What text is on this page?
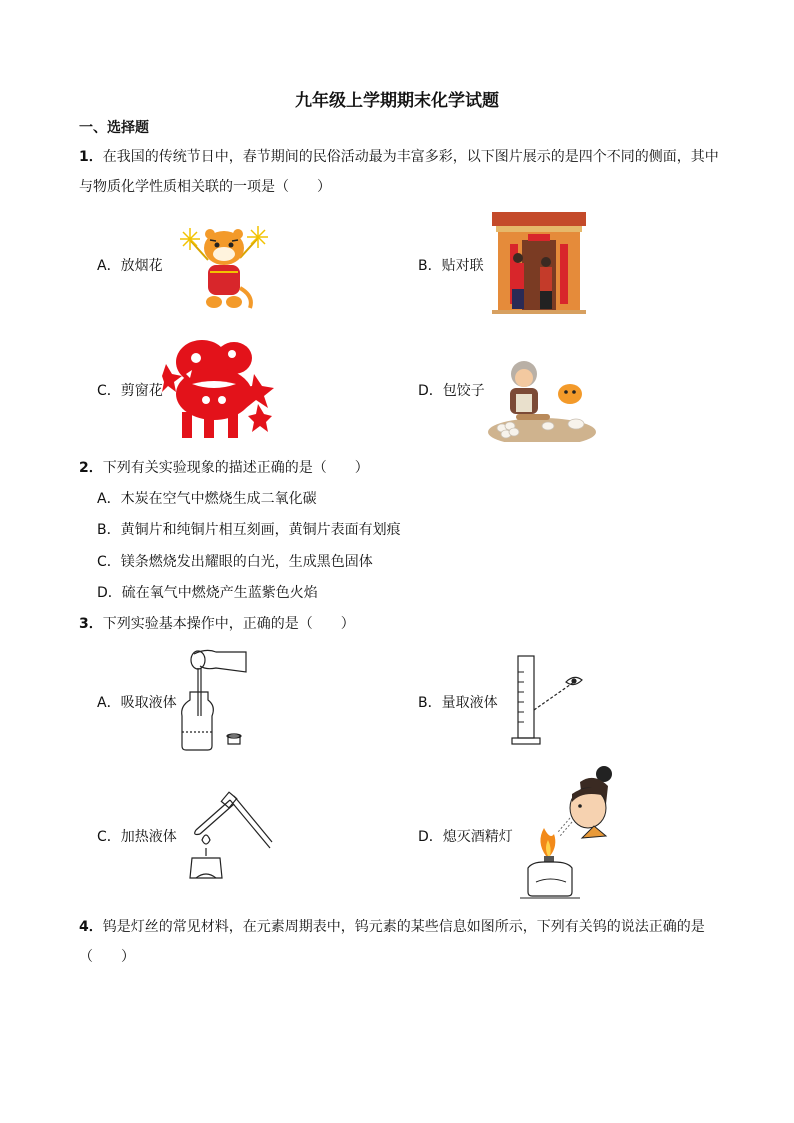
九年级上学期期末化学试题
一、选择题
1．在我国的传统节日中，春节期间的民俗活动最为丰富多彩，以下图片展示的是四个不同的侧面，其中
与物质化学性质相关联的一项是（　　）
A．放烟花	B．贴对联
C．剪窗花	D．包饺子
2．下列有关实验现象的描述正确的是（　　）
A．木炭在空气中燃烧生成二氧化碳
B．黄铜片和纯铜片相互刻画，黄铜片表面有划痕
C．镁条燃烧发出耀眼的白光，生成黑色固体
D．硫在氧气中燃烧产生蓝紫色火焰
3．下列实验基本操作中，正确的是（　　）
A．吸取液体	B．量取液体
C．加热液体	D．熄灭酒精灯
4．钨是灯丝的常见材料，在元素周期表中，钨元素的某些信息如图所示，下列有关钨的说法正确的是
（　　）
